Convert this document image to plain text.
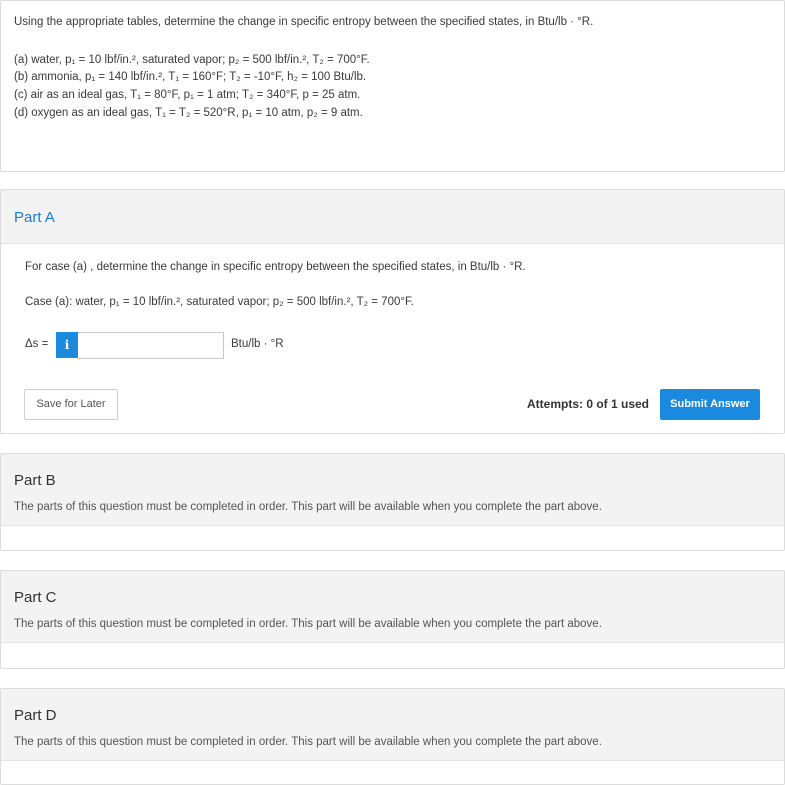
Using the appropriate tables, determine the change in specific entropy between the specified states, in Btu/lb · °R.
(a) water, p₁ = 10 lbf/in.², saturated vapor; p₂ = 500 lbf/in.², T₂ = 700°F.
(b) ammonia, p₁ = 140 lbf/in.², T₁ = 160°F; T₂ = -10°F, h₂ = 100 Btu/lb.
(c) air as an ideal gas, T₁ = 80°F, p₁ = 1 atm; T₂ = 340°F, p = 25 atm.
(d) oxygen as an ideal gas, T₁ = T₂ = 520°R, p₁ = 10 atm, p₂ = 9 atm.
Part A
For case (a) , determine the change in specific entropy between the specified states, in Btu/lb · °R.
Case (a): water, p₁ = 10 lbf/in.², saturated vapor; p₂ = 500 lbf/in.², T₂ = 700°F.
Δs =	i	Btu/lb · °R
Save for Later	Attempts: 0 of 1 used	Submit Answer
Part B
The parts of this question must be completed in order. This part will be available when you complete the part above.
Part C
The parts of this question must be completed in order. This part will be available when you complete the part above.
Part D
The parts of this question must be completed in order. This part will be available when you complete the part above.
